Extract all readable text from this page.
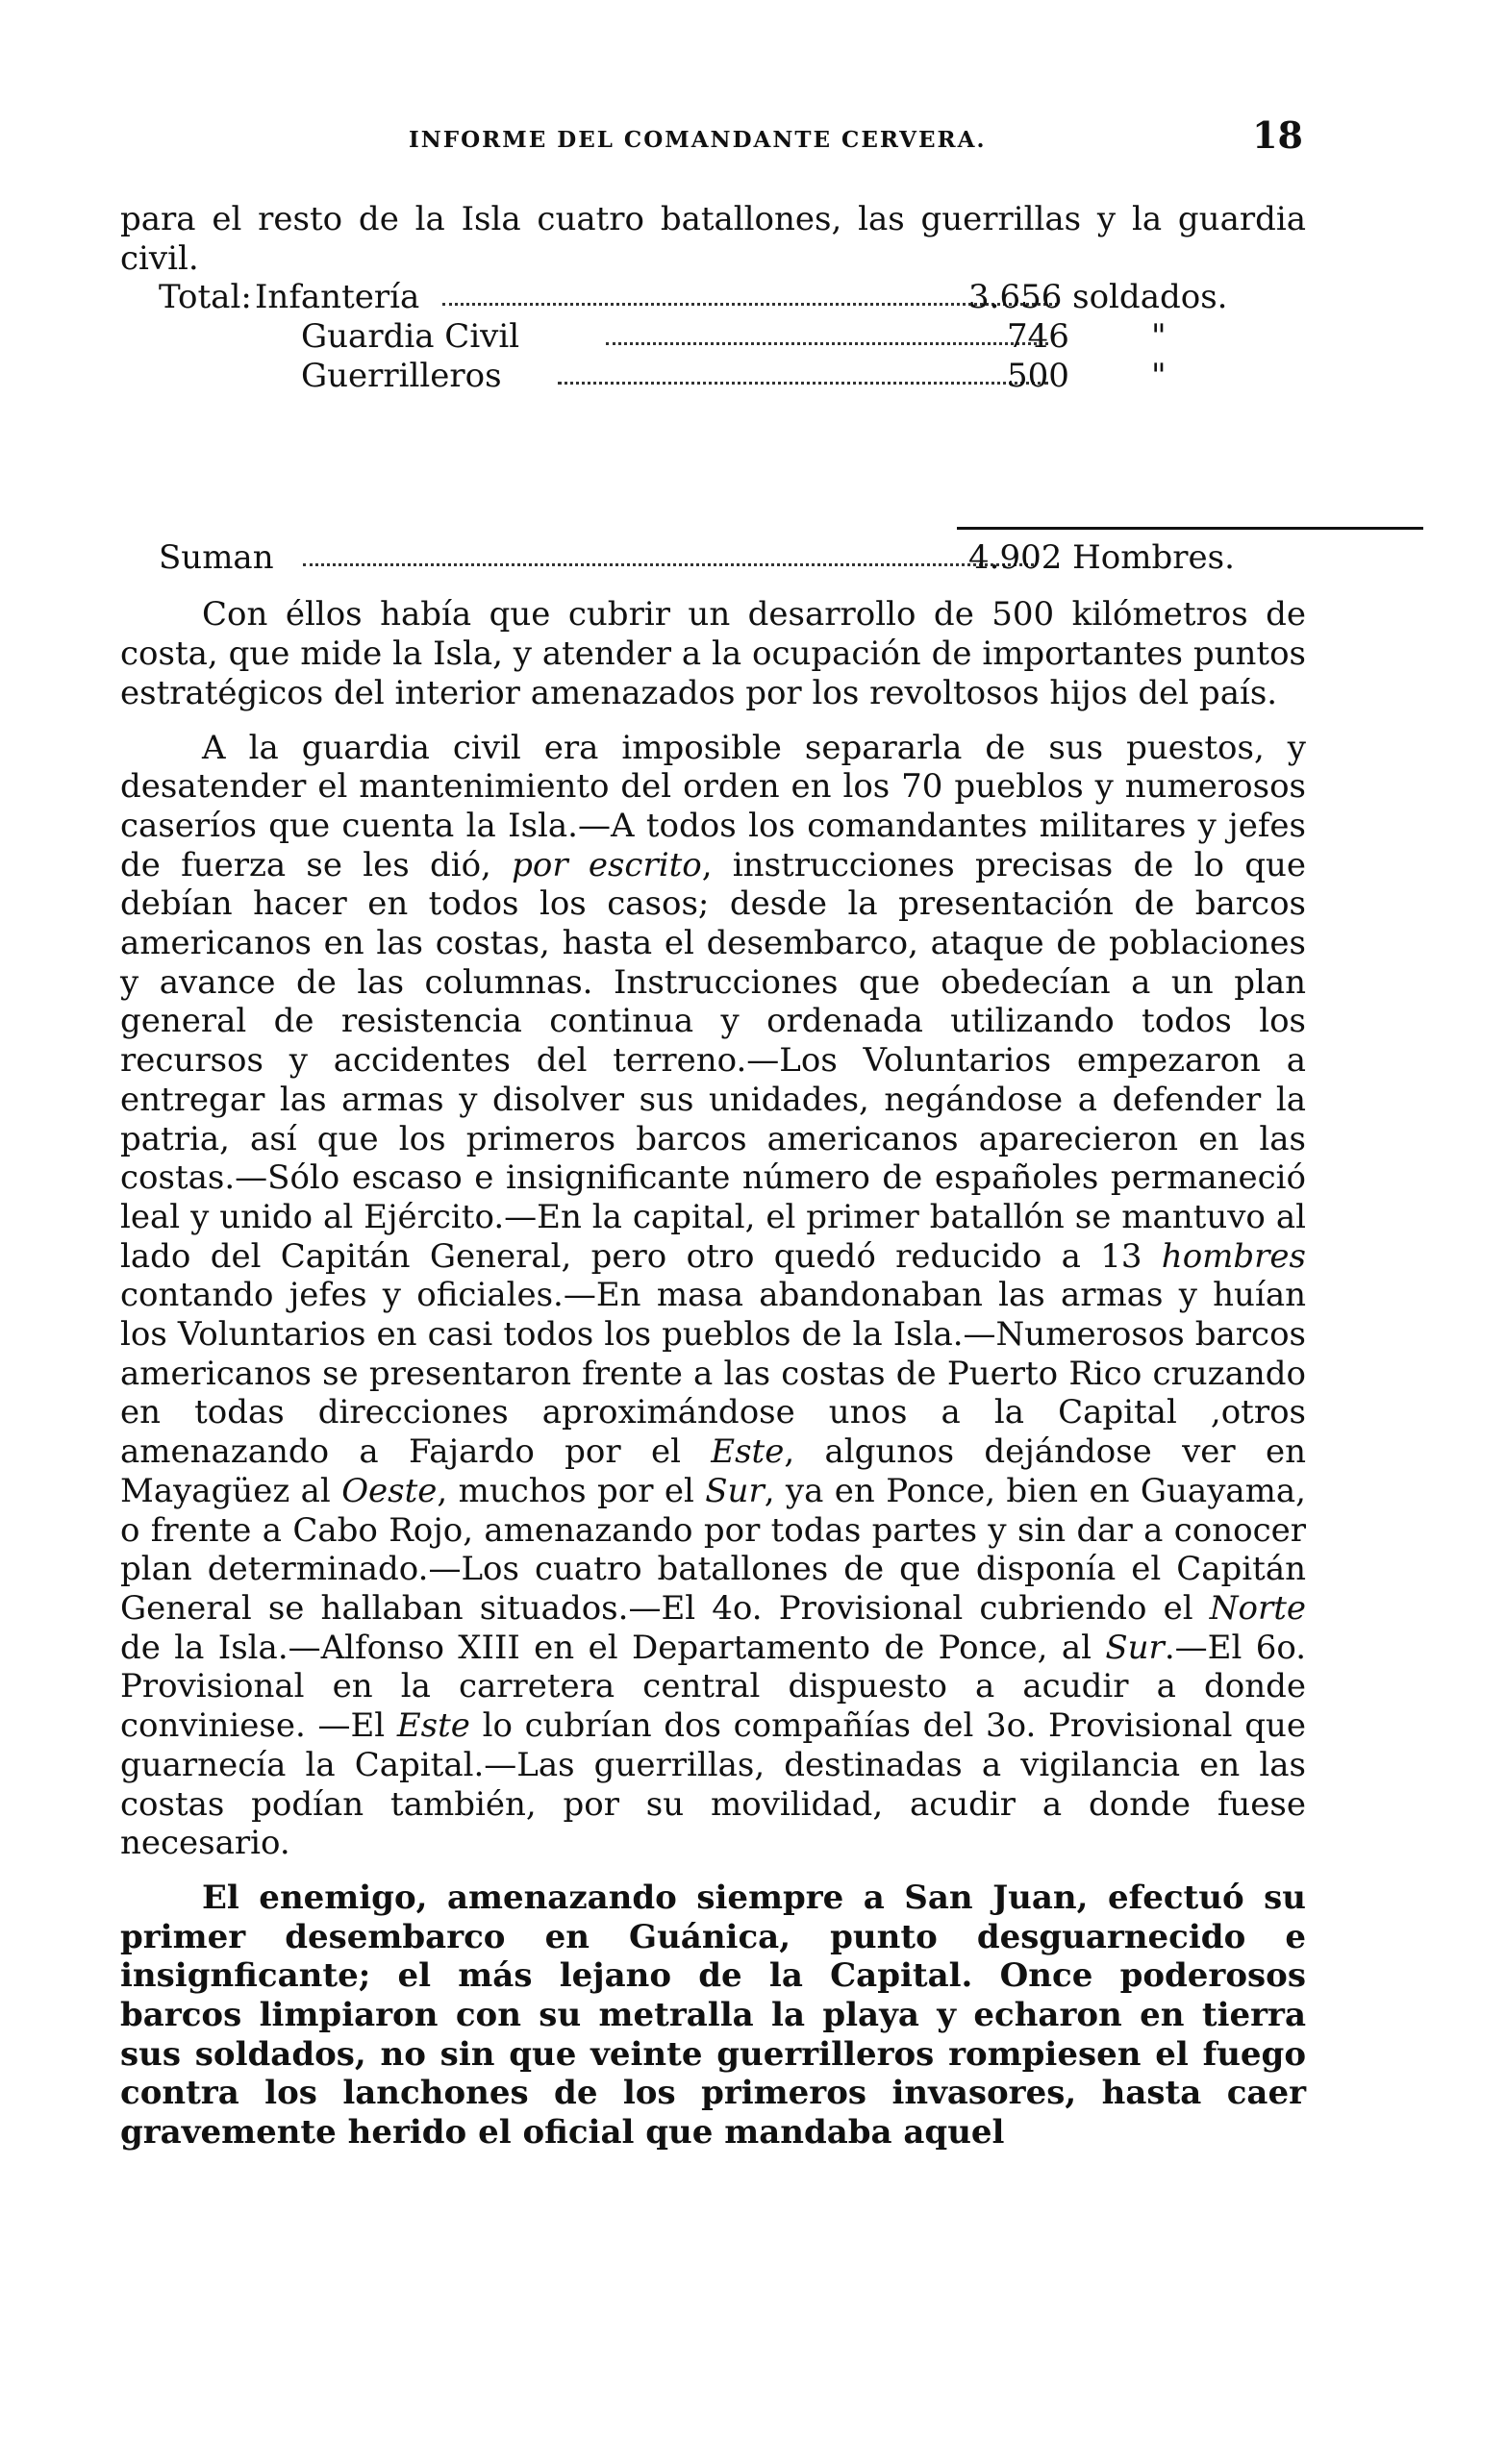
INFORME DEL COMANDANTE CERVERA.	18

para el resto de la Isla cuatro batallones, las guerrillas y la guardia civil.

Total: Infantería	3.656 soldados.
Guardia Civil	746	"
Guerrilleros	500	"
Suman	4.902 Hombres.

Con éllos había que cubrir un desarrollo de 500 kilómetros de costa, que mide la Isla, y atender a la ocupación de importantes puntos estratégicos del interior amenazados por los revoltosos hijos del país.

A la guardia civil era imposible separarla de sus puestos, y desatender el mantenimiento del orden en los 70 pueblos y numerosos caseríos que cuenta la Isla.—A todos los comandantes militares y jefes de fuerza se les dió, por escrito, instrucciones precisas de lo que debían hacer en todos los casos; desde la presentación de barcos americanos en las costas, hasta el desembarco, ataque de poblaciones y avance de las columnas. Instrucciones que obedecían a un plan general de resistencia continua y ordenada utilizando todos los recursos y accidentes del terreno.—Los Voluntarios empezaron a entregar las armas y disolver sus unidades, negándose a defender la patria, así que los primeros barcos americanos aparecieron en las costas.—Sólo escaso e insignificante número de españoles permaneció leal y unido al Ejército.—En la capital, el primer batallón se mantuvo al lado del Capitán General, pero otro quedó reducido a 13 hombres contando jefes y oficiales.—En masa abandonaban las armas y huían los Voluntarios en casi todos los pueblos de la Isla.—Numerosos barcos americanos se presentaron frente a las costas de Puerto Rico cruzando en todas direcciones aproximándose unos a la Capital ,otros amenazando a Fajardo por el Este, algunos dejándose ver en Mayagüez al Oeste, muchos por el Sur, ya en Ponce, bien en Guayama, o frente a Cabo Rojo, amenazando por todas partes y sin dar a conocer plan determinado.—Los cuatro batallones de que disponía el Capitán General se hallaban situados.—El 4o. Provisional cubriendo el Norte de la Isla.—Alfonso XIII en el Departamento de Ponce, al Sur.—El 6o. Provisional en la carretera central dispuesto a acudir a donde conviniese. —El Este lo cubrían dos compañías del 3o. Provisional que guarnecía la Capital.—Las guerrillas, destinadas a vigilancia en las costas podían también, por su movilidad, acudir a donde fuese necesario.

El enemigo, amenazando siempre a San Juan, efectuó su primer desembarco en Guánica, punto desguarnecido e insignficante; el más lejano de la Capital. Once poderosos barcos limpiaron con su metralla la playa y echaron en tierra sus soldados, no sin que veinte guerrilleros rompiesen el fuego contra los lanchones de los primeros invasores, hasta caer gravemente herido el oficial que mandaba aquel
